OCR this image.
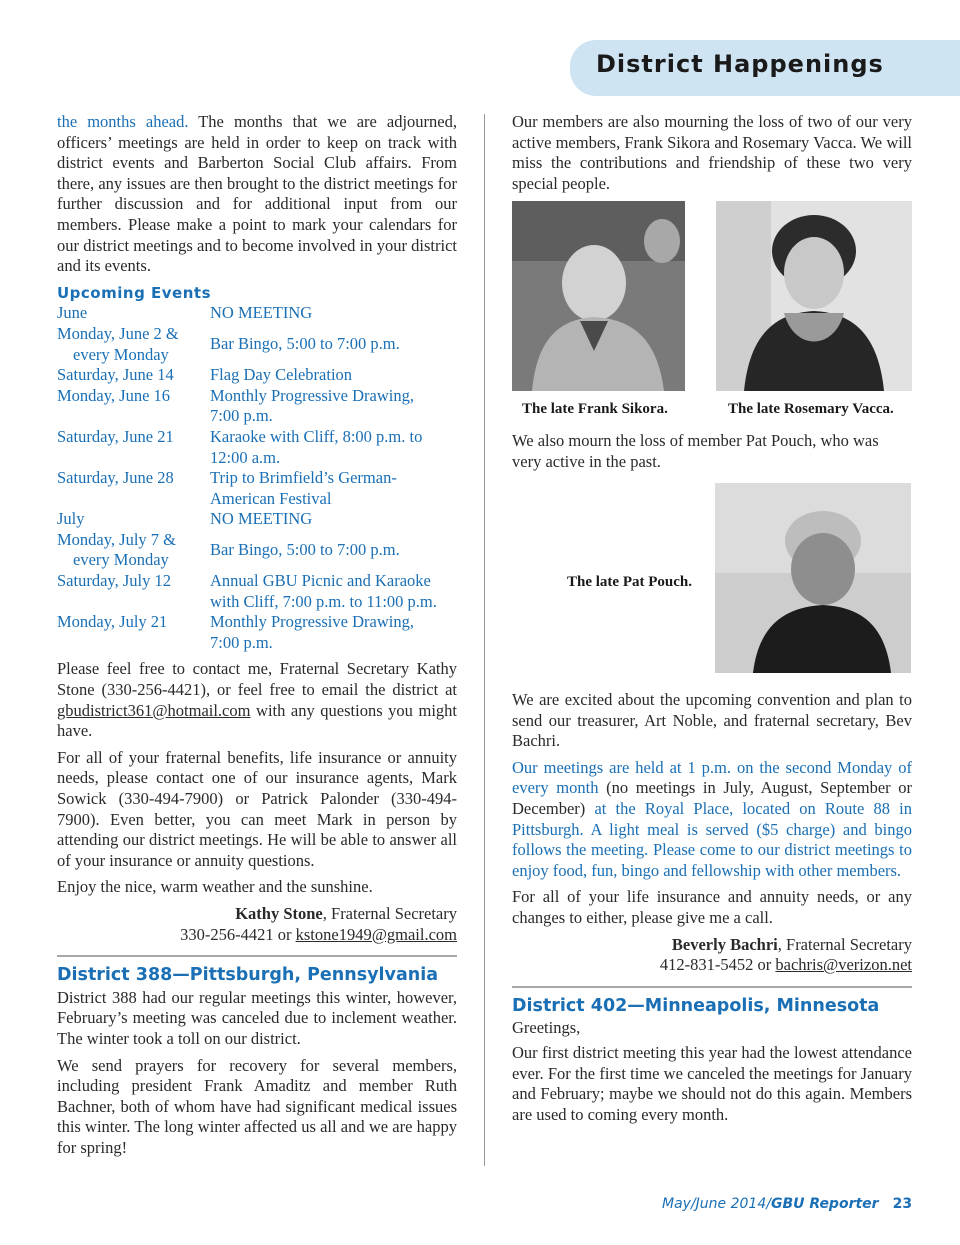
District Happenings

the months ahead. The months that we are adjourned, officers’ meetings are held in order to keep on track with district events and Barberton Social Club affairs. From there, any issues are then brought to the district meetings for further discussion and for additional input from our members. Please make a point to mark your calendars for our district meetings and to become involved in your district and its events.

Upcoming Events
June	NO MEETING

Monday, June 2 &
every Monday	Bar Bingo, 5:00 to 7:00 p.m.

Saturday, June 14	Flag Day Celebration

Monday, June 16	Monthly Progressive Drawing,
7:00 p.m.

Saturday, June 21	Karaoke with Cliff, 8:00 p.m. to
12:00 a.m.

Saturday, June 28	Trip to Brimfield’s German-
American Festival

July	NO MEETING

Monday, July 7 &
every Monday	Bar Bingo, 5:00 to 7:00 p.m.

Saturday, July 12	Annual GBU Picnic and Karaoke
with Cliff, 7:00 p.m. to 11:00 p.m.

Monday, July 21	Monthly Progressive Drawing,
7:00 p.m.

Please feel free to contact me, Fraternal Secretary Kathy Stone (330-256-4421), or feel free to email the district at gbudistrict361@hotmail.com with any questions you might have.

For all of your fraternal benefits, life insurance or annuity needs, please contact one of our insurance agents, Mark Sowick (330-494-7900) or Patrick Palonder (330-494-7900). Even better, you can meet Mark in person by attending our district meetings. He will be able to answer all of your insurance or annuity questions.

Enjoy the nice, warm weather and the sunshine.

Kathy Stone, Fraternal Secretary
330-256-4421 or kstone1949@gmail.com
District 388—Pittsburgh, Pennsylvania

District 388 had our regular meetings this winter, however, February’s meeting was canceled due to inclement weather. The winter took a toll on our district.

We send prayers for recovery for several members, including president Frank Amaditz and member Ruth Bachner, both of whom have had significant medical issues this winter. The long winter affected us all and we are happy for spring!

Our members are also mourning the loss of two of our very active members, Frank Sikora and Rosemary Vacca. We will miss the contributions and friendship of these two very special people.

The late Frank Sikora.	The late Rosemary Vacca.

We also mourn the loss of member Pat Pouch, who was very active in the past.

The late Pat Pouch.

We are excited about the upcoming convention and plan to send our treasurer, Art Noble, and fraternal secretary, Bev Bachri.

Our meetings are held at 1 p.m. on the second Monday of every month (no meetings in July, August, September or December) at the Royal Place, located on Route 88 in Pittsburgh. A light meal is served ($5 charge) and bingo follows the meeting. Please come to our district meetings to enjoy food, fun, bingo and fellowship with other members.

For all of your life insurance and annuity needs, or any changes to either, please give me a call.

Beverly Bachri, Fraternal Secretary
412-831-5452 or bachris@verizon.net
District 402—Minneapolis, Minnesota

Greetings,

Our first district meeting this year had the lowest attendance ever. For the first time we canceled the meetings for January and February; maybe we should not do this again. Members are used to coming every month.

May/June 2014/GBU Reporter 23
